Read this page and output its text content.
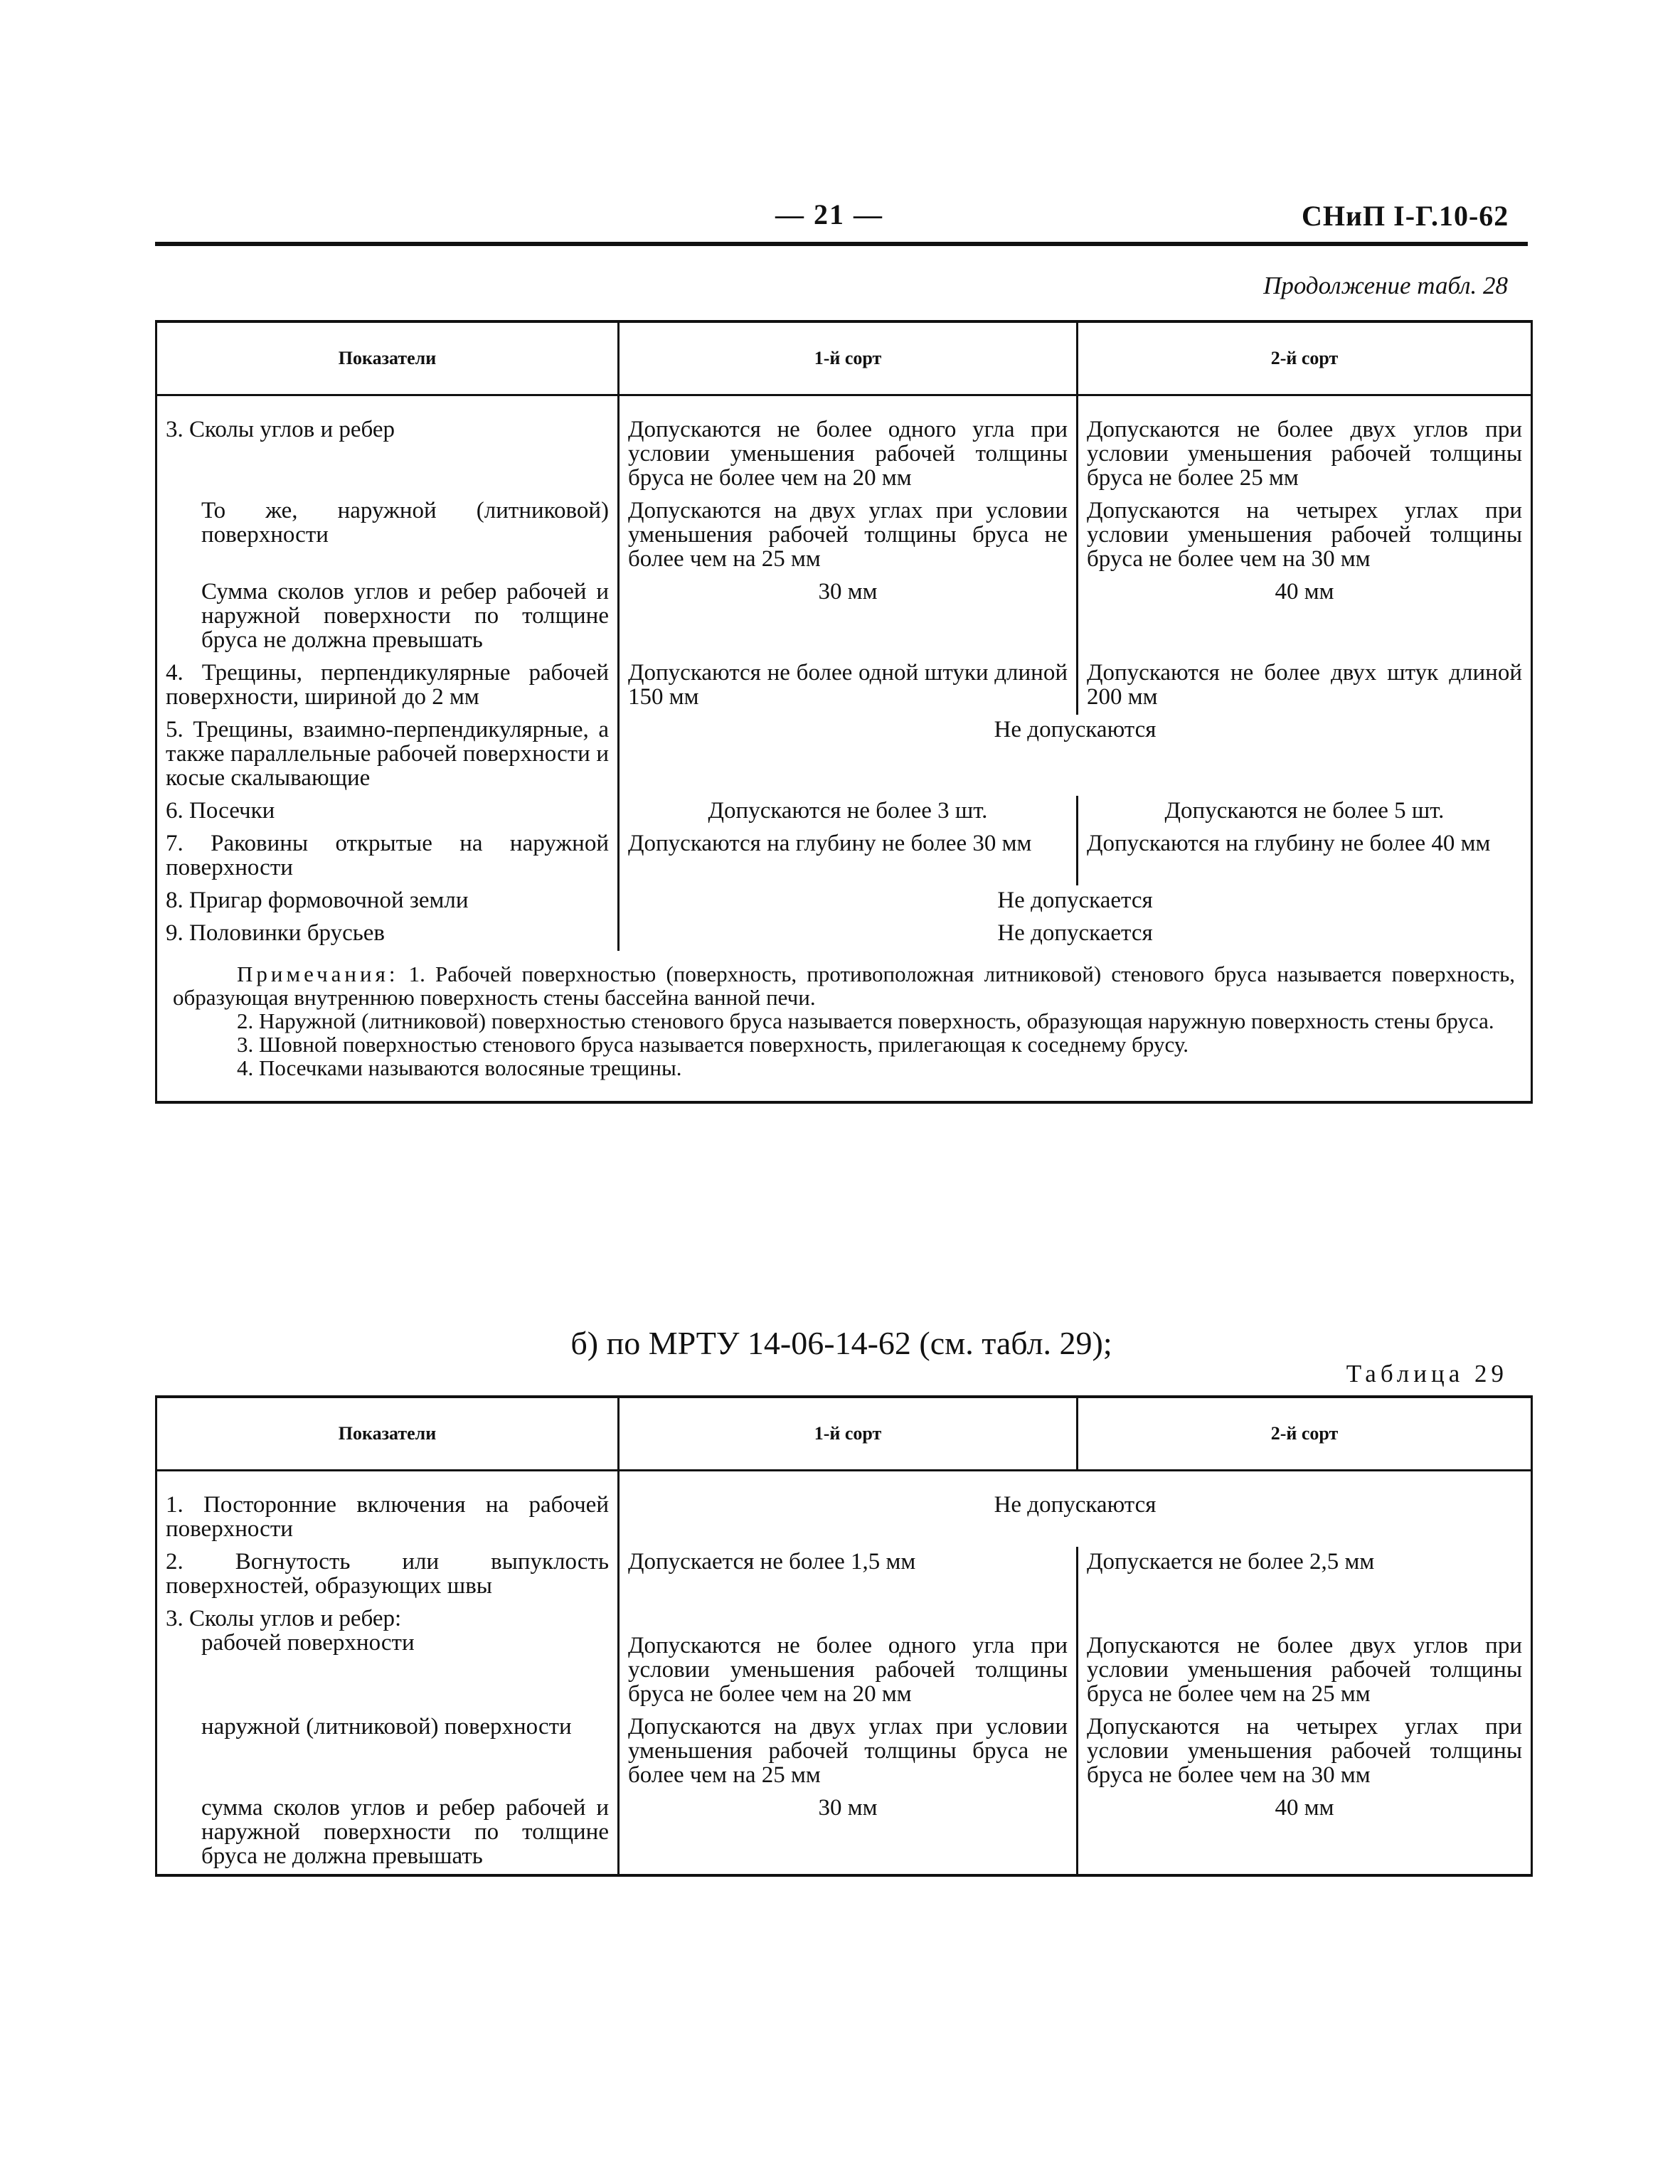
— 21 —	СНиП I-Г.10-62
Продолжение табл. 28
Показатели	1-й сорт	2-й сорт
3. Сколы углов и ребер	Допускаются не более одного угла при условии уменьшения рабочей толщины бруса не более чем на 20 мм	Допускаются не более двух углов при условии уменьшения рабочей толщины бруса не более 25 мм
То же, наружной (литниковой) поверхности	Допускаются на двух углах при условии уменьшения рабочей толщины бруса не более чем на 25 мм	Допускаются на четырех углах при условии уменьшения рабочей толщины бруса не более чем на 30 мм
Сумма сколов углов и ребер рабочей и наружной поверхности по толщине бруса не должна превышать	30 мм	40 мм
4. Трещины, перпендикулярные рабочей поверхности, шириной до 2 мм	Допускаются не более одной штуки длиной 150 мм	Допускаются не более двух штук длиной 200 мм
5. Трещины, взаимно-перпендикулярные, а также параллельные рабочей поверхности и косые скалывающие	Не допускаются	
6. Посечки	Допускаются не более 3 шт.	Допускаются не более 5 шт.
7. Раковины открытые на наружной поверхности	Допускаются на глубину не более 30 мм	Допускаются на глубину не более 40 мм
8. Пригар формовочной земли	Не допускается	
9. Половинки брусьев	Не допускается	

Примечания: 1. Рабочей поверхностью (поверхность, противоположная литниковой) стенового бруса называется поверхность, образующая внутреннюю поверхность стены бассейна ванной печи.

2. Наружной (литниковой) поверхностью стенового бруса называется поверхность, образующая наружную поверхность стены бруса.

3. Шовной поверхностью стенового бруса называется поверхность, прилегающая к соседнему брусу.

4. Посечками называются волосяные трещины.		

б) по МРТУ 14-06-14-62 (см. табл. 29);
Таблица 29
Показатели	1-й сорт	2-й сорт
1. Посторонние включения на рабочей поверхности	Не допускаются	
2. Вогнутость или выпуклость поверхностей, образующих швы	Допускается не более 1,5 мм	Допускается не более 2,5 мм
3. Сколы углов и ребер:		
рабочей поверхности	Допускаются не более одного угла при условии уменьшения рабочей толщины бруса не более чем на 20 мм	Допускаются не более двух углов при условии уменьшения рабочей толщины бруса не более чем на 25 мм
наружной (литниковой) поверхности	Допускаются на двух углах при условии уменьшения рабочей толщины бруса не более чем на 25 мм	Допускаются на четырех углах при условии уменьшения рабочей толщины бруса не более чем на 30 мм
сумма сколов углов и ребер рабочей и наружной поверхности по толщине бруса не должна превышать	30 мм	40 мм
